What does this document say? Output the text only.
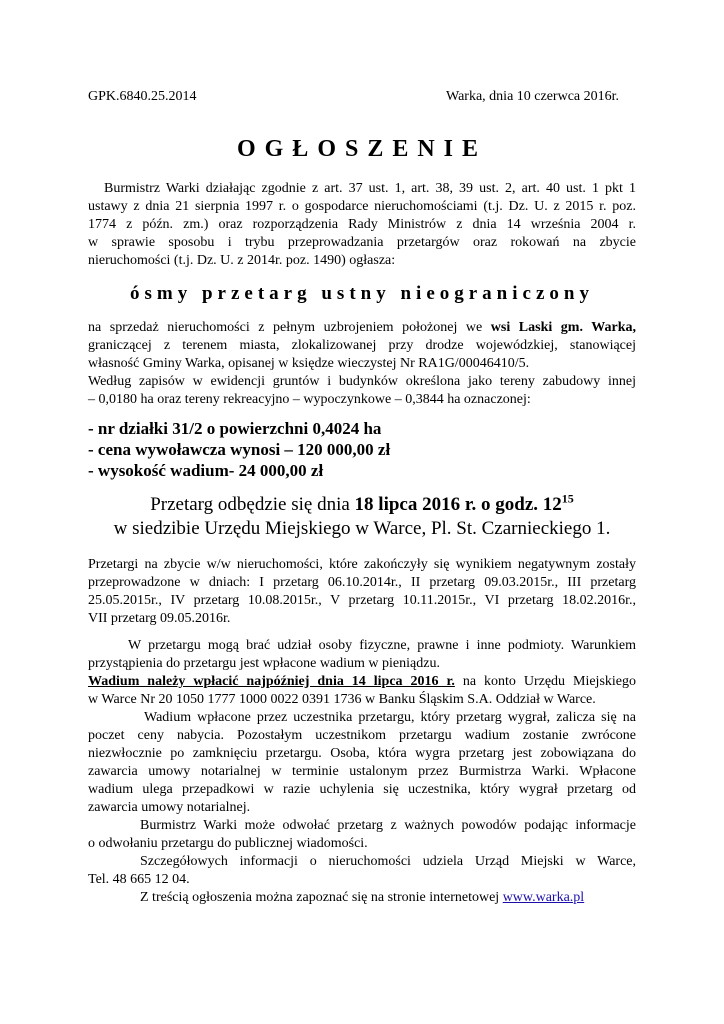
GPK.6840.25.2014	Warka, dnia 10 czerwca 2016r.

OGŁOSZENIE
Burmistrz Warki działając zgodnie z art. 37 ust. 1, art. 38, 39 ust. 2, art. 40 ust. 1 pkt 1
ustawy z dnia 21 sierpnia 1997 r. o gospodarce nieruchomościami (t.j. Dz. U. z 2015 r. poz.
1774 z późn. zm.) oraz rozporządzenia Rady Ministrów z dnia 14 września 2004 r.
w sprawie sposobu i trybu przeprowadzania przetargów oraz rokowań na zbycie
nieruchomości (t.j. Dz. U. z 2014r. poz. 1490) ogłasza:
ósmy przetarg ustny nieograniczony
na sprzedaż nieruchomości z pełnym uzbrojeniem położonej we wsi Laski gm. Warka,
graniczącej z terenem miasta, zlokalizowanej przy drodze wojewódzkiej, stanowiącej
własność Gminy Warka, opisanej w księdze wieczystej Nr RA1G/00046410/5.
Według zapisów w ewidencji gruntów i budynków określona jako tereny zabudowy innej
– 0,0180 ha oraz tereny rekreacyjno – wypoczynkowe – 0,3844 ha oznaczonej:
- nr działki 31/2 o powierzchni 0,4024 ha
- cena wywoławcza wynosi – 120 000,00 zł
- wysokość wadium- 24 000,00 zł
Przetarg odbędzie się dnia 18 lipca 2016 r. o godz. $12^{15}$
w siedzibie Urzędu Miejskiego w Warce, Pl. St. Czarnieckiego 1.
Przetargi na zbycie w/w nieruchomości, które zakończyły się wynikiem negatywnym zostały
przeprowadzone w dniach: I przetarg 06.10.2014r., II przetarg 09.03.2015r., III przetarg
25.05.2015r., IV przetarg 10.08.2015r., V przetarg 10.11.2015r., VI przetarg 18.02.2016r.,
VII przetarg 09.05.2016r.
W przetargu mogą brać udział osoby fizyczne, prawne i inne podmioty. Warunkiem
przystąpienia do przetargu jest wpłacone wadium w pieniądzu.
Wadium należy wpłacić najpóźniej dnia 14 lipca 2016 r. na konto Urzędu Miejskiego
w Warce Nr 20 1050 1777 1000 0022 0391 1736 w Banku Śląskim S.A. Oddział w Warce.
Wadium wpłacone przez uczestnika przetargu, który przetarg wygrał, zalicza się na
poczet ceny nabycia. Pozostałym uczestnikom przetargu wadium zostanie zwrócone
niezwłocznie po zamknięciu przetargu. Osoba, która wygra przetarg jest zobowiązana do
zawarcia umowy notarialnej w terminie ustalonym przez Burmistrza Warki. Wpłacone
wadium ulega przepadkowi w razie uchylenia się uczestnika, który wygrał przetarg od
zawarcia umowy notarialnej.
Burmistrz Warki może odwołać przetarg z ważnych powodów podając informacje
o odwołaniu przetargu do publicznej wiadomości.
Szczegółowych informacji o nieruchomości udziela Urząd Miejski w Warce,
Tel. 48 665 12 04.
Z treścią ogłoszenia można zapoznać się na stronie internetowej www.warka.pl
